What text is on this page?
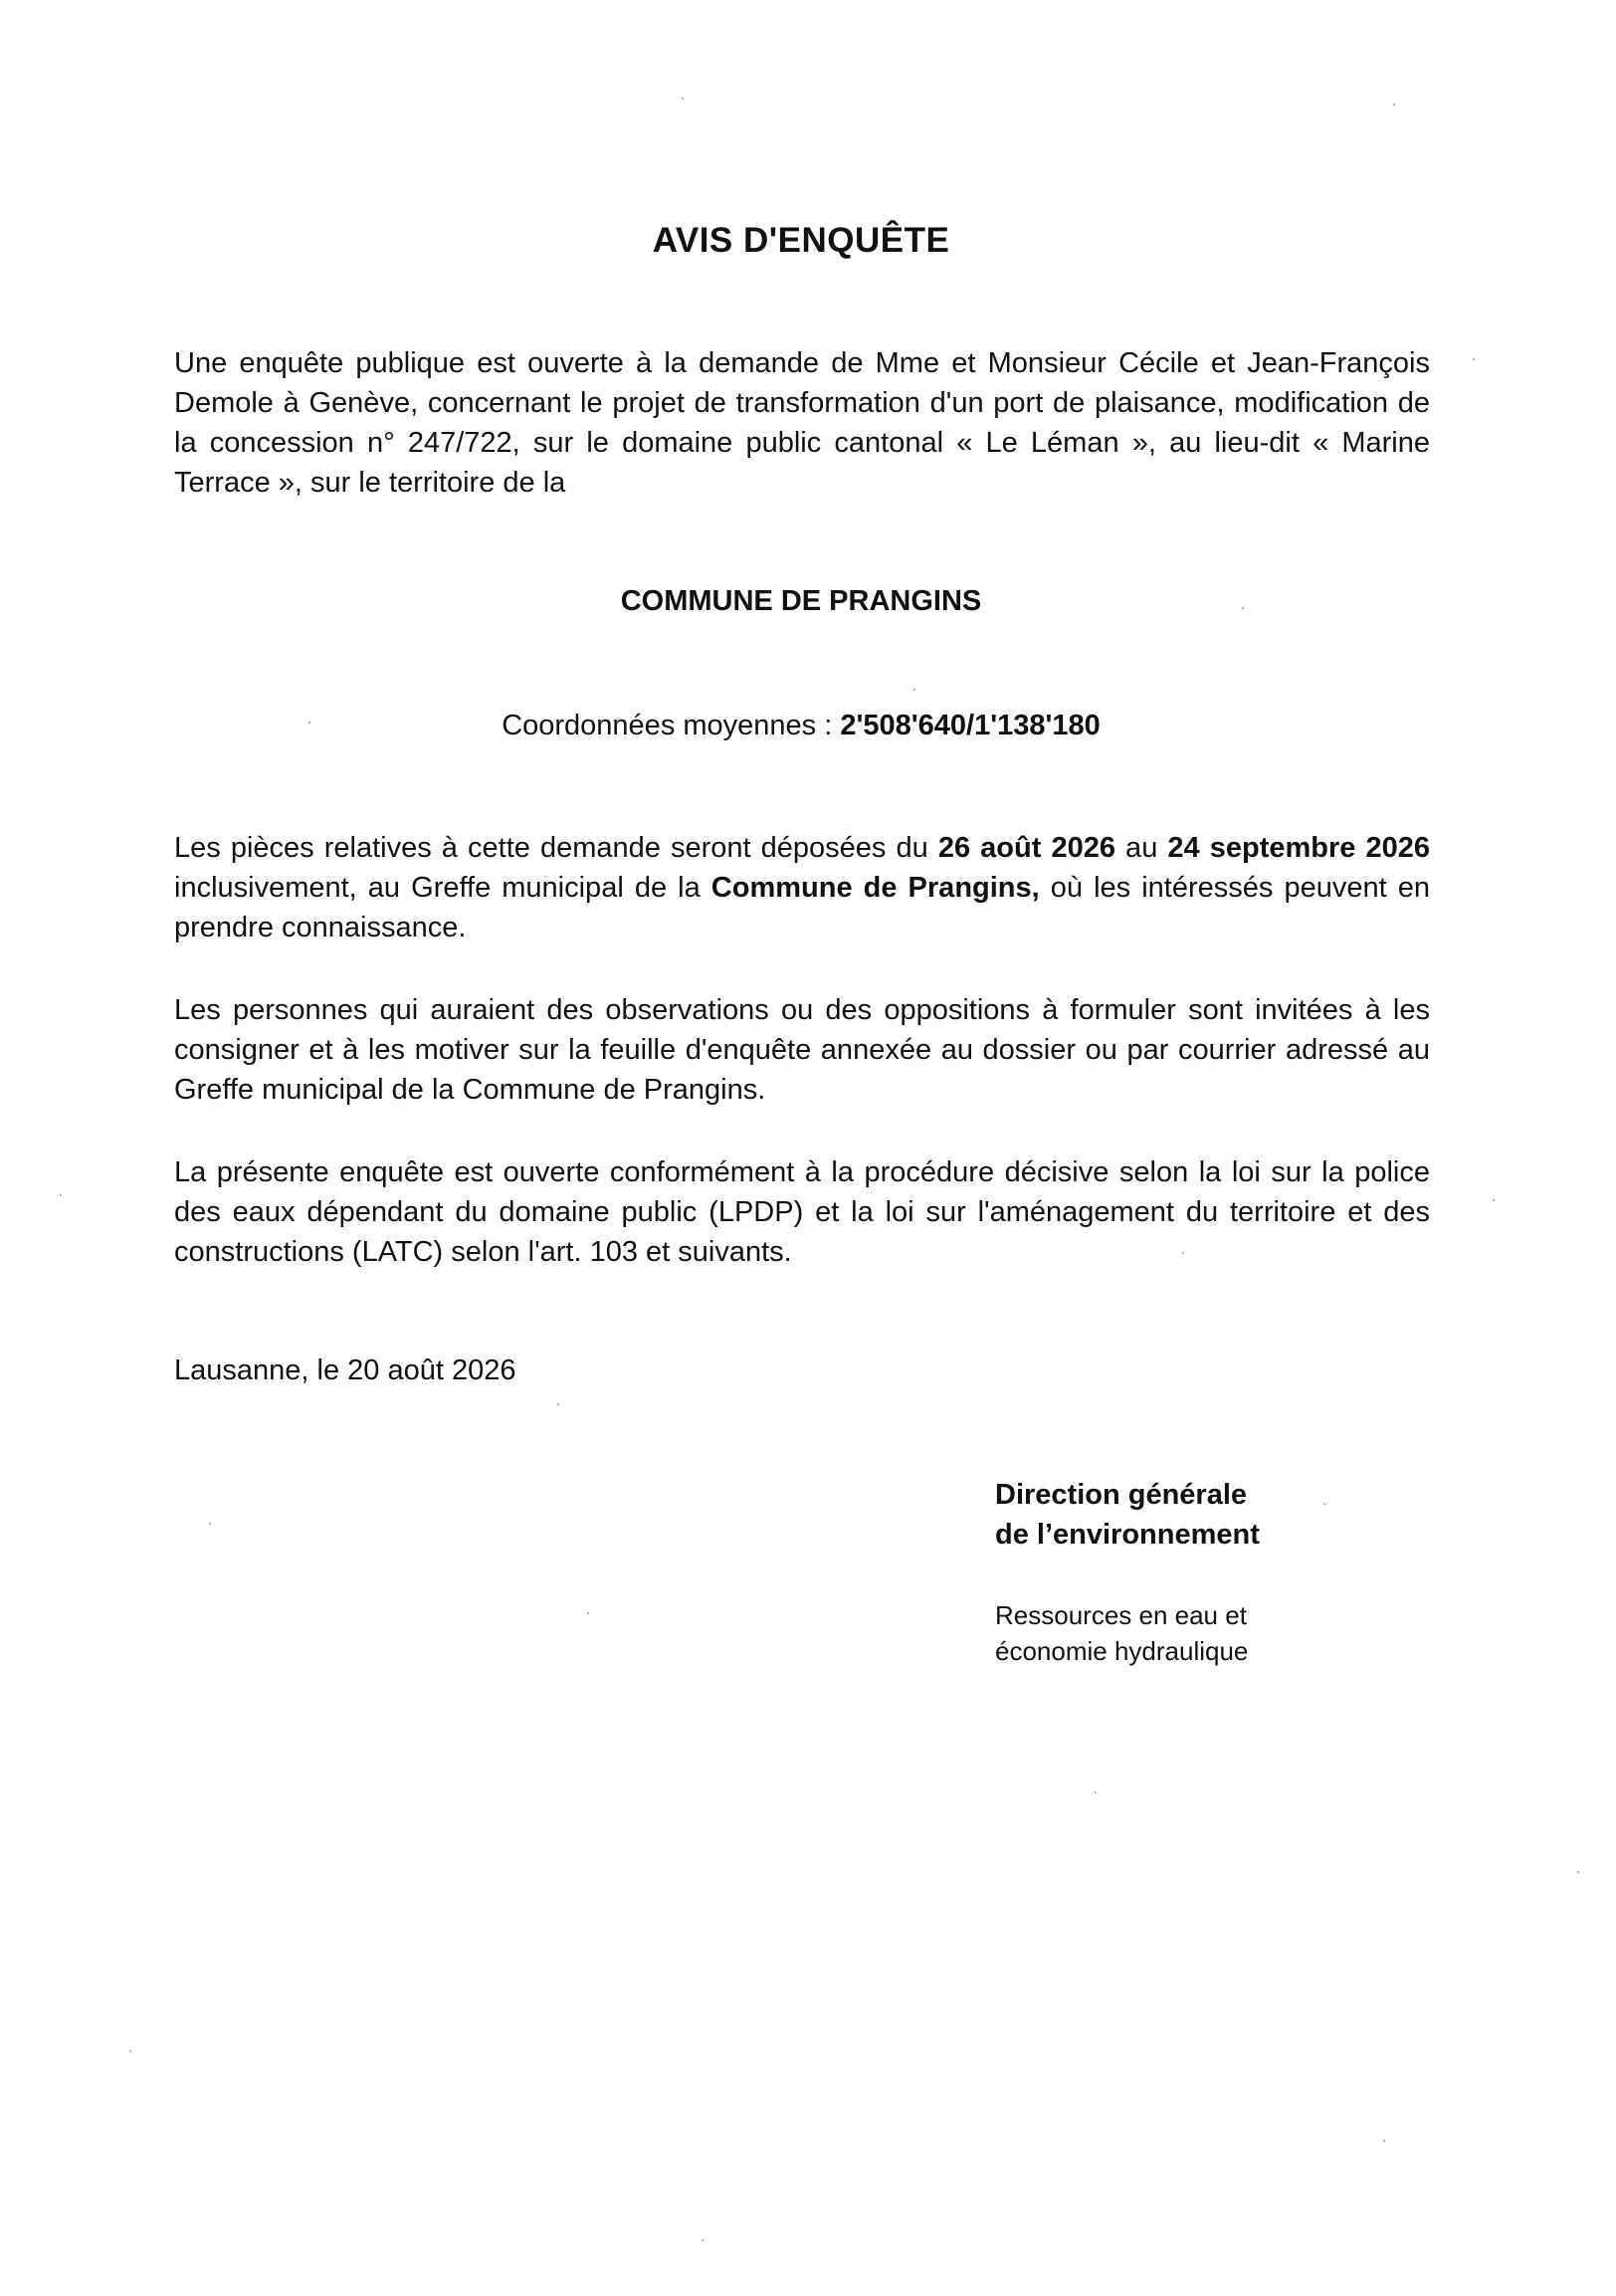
AVIS D'ENQUÊTE

Une enquête publique est ouverte à la demande de Mme et Monsieur Cécile et Jean-François Demole à Genève, concernant le projet de transformation d'un port de plaisance, modification de la concession n° 247/722, sur le domaine public cantonal « Le Léman », au lieu-dit « Marine Terrace », sur le territoire de la

COMMUNE DE PRANGINS

Coordonnées moyennes : 2'508'640/1'138'180

Les pièces relatives à cette demande seront déposées du 26 août 2026 au 24 septembre 2026 inclusivement, au Greffe municipal de la Commune de Prangins, où les intéressés peuvent en prendre connaissance.

Les personnes qui auraient des observations ou des oppositions à formuler sont invitées à les consigner et à les motiver sur la feuille d'enquête annexée au dossier ou par courrier adressé au Greffe municipal de la Commune de Prangins.

La présente enquête est ouverte conformément à la procédure décisive selon la loi sur la police des eaux dépendant du domaine public (LPDP) et la loi sur l'aménagement du territoire et des constructions (LATC) selon l'art. 103 et suivants.

Lausanne, le 20 août 2026

Direction générale
de l’environnement
Ressources en eau et
économie hydraulique
